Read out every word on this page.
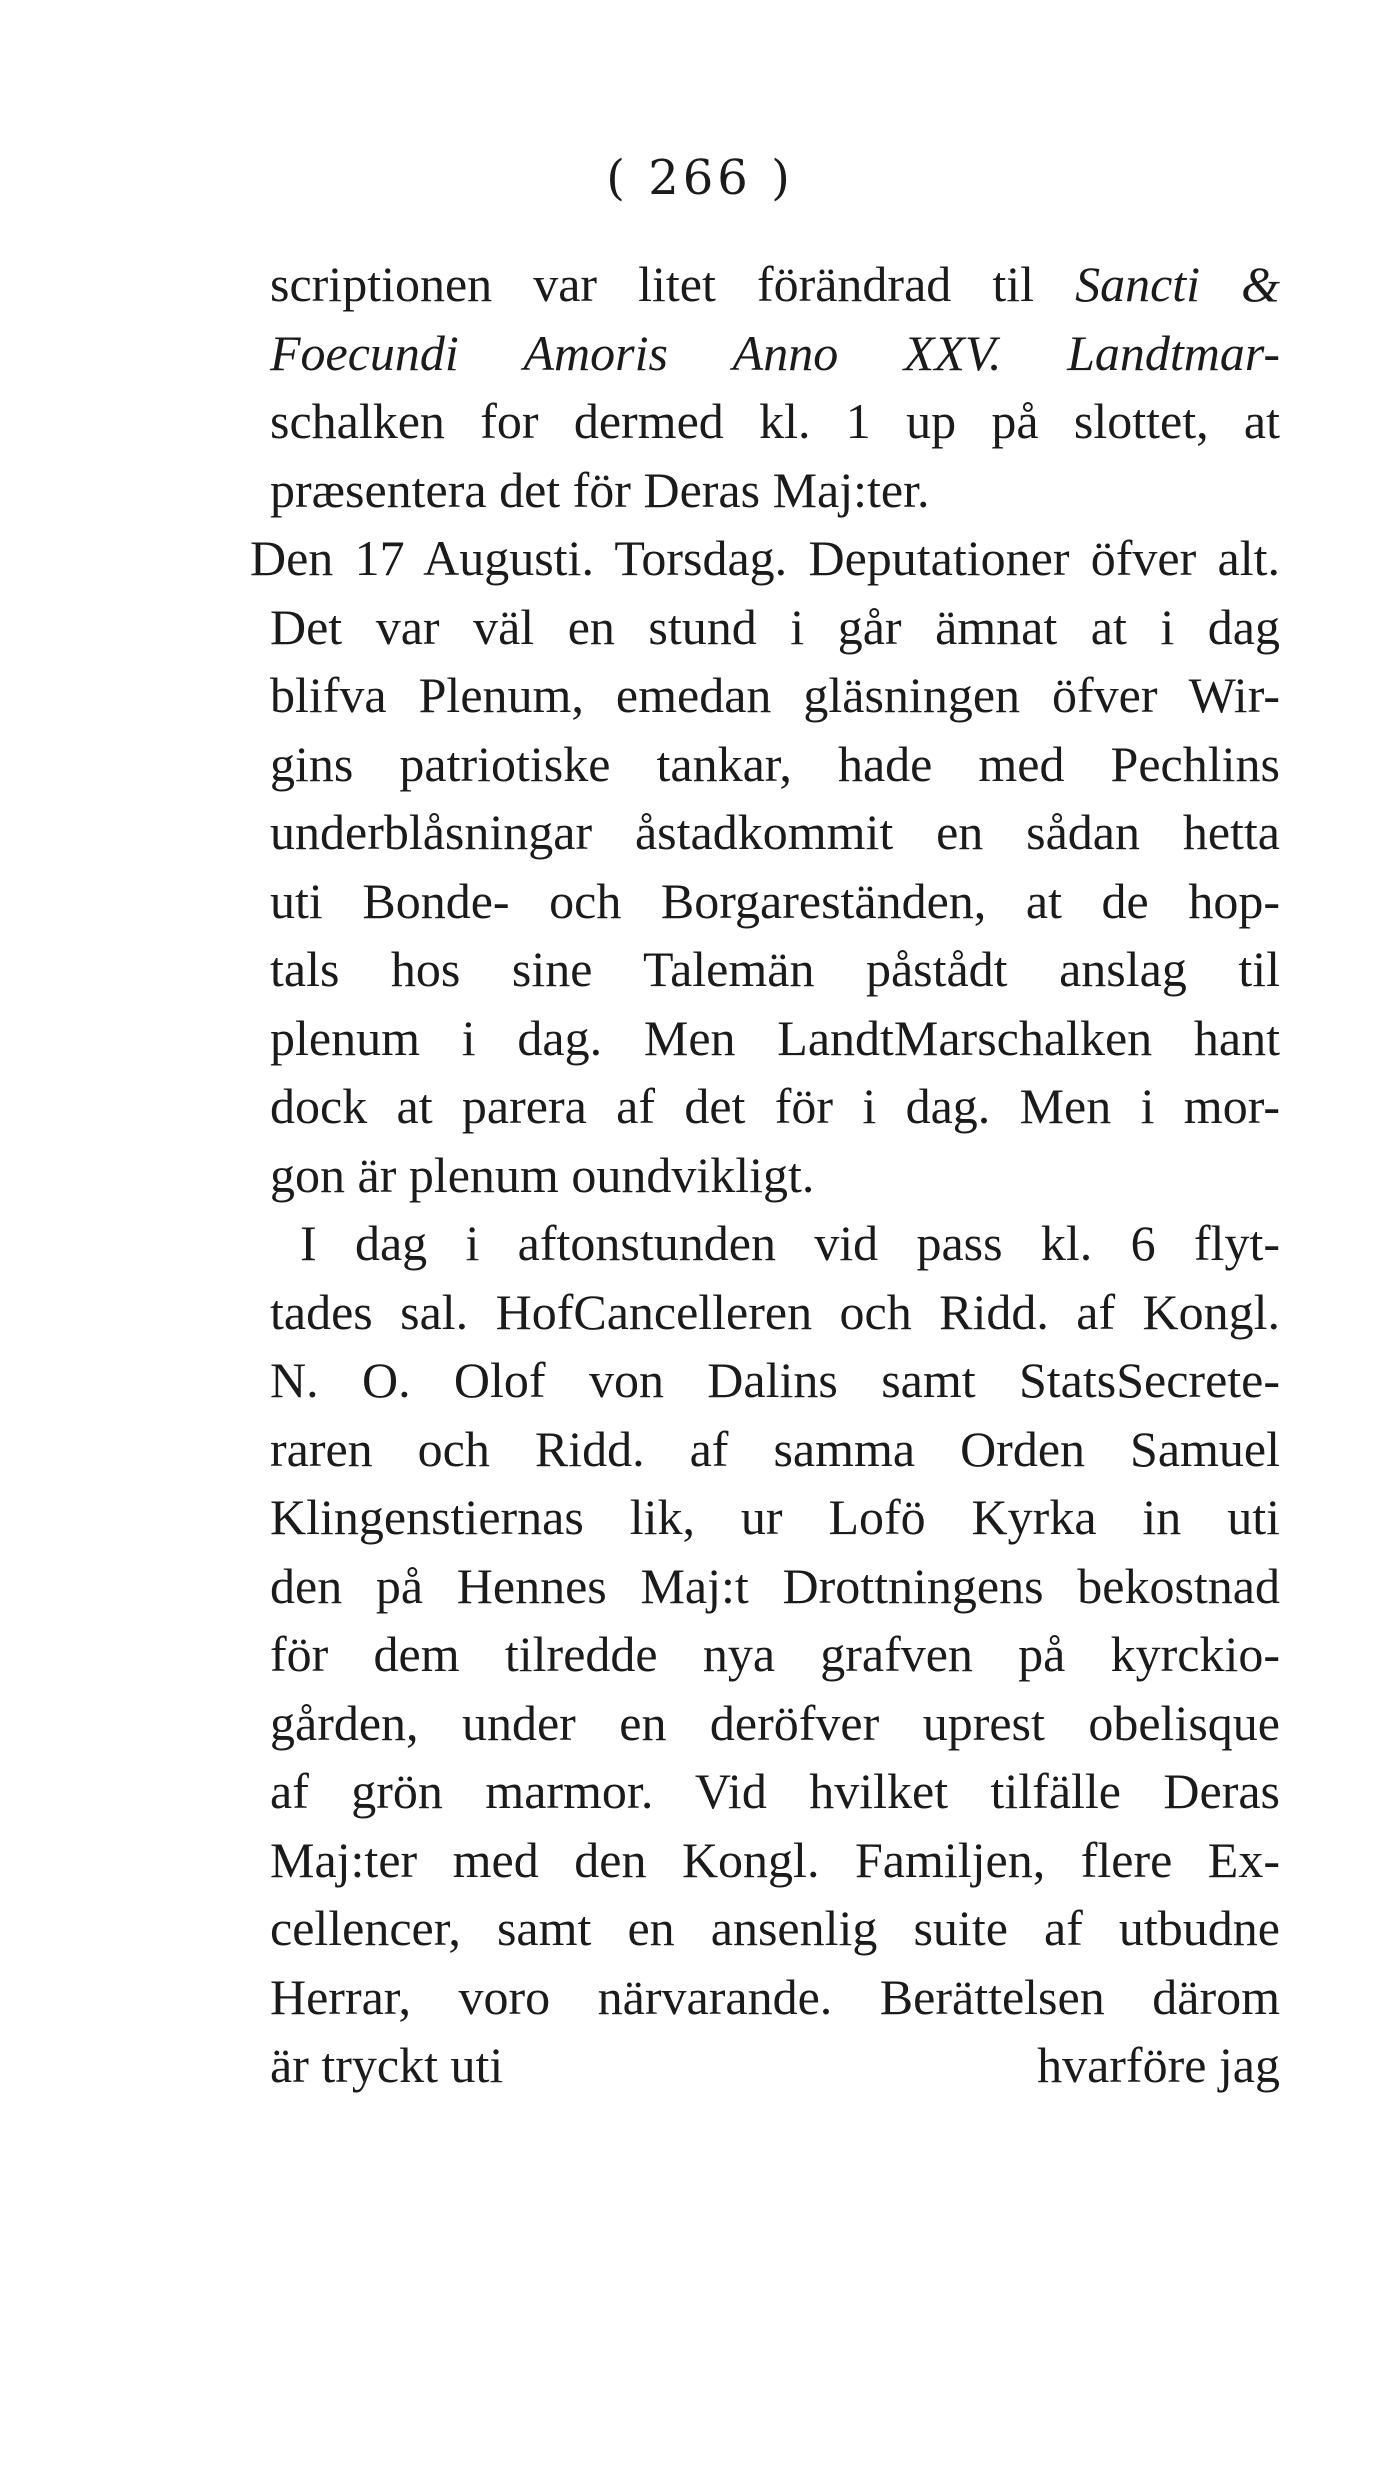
( 266 )
scriptionen var litet förändrad til Sancti &
Foecundi Amoris Anno XXV. Landtmar-
schalken for dermed kl. 1 up på slottet, at
præsentera det för Deras Maj:ter.
Den 17 Augusti. Torsdag. Deputationer öfver alt.
Det var väl en stund i går ämnat at i dag
blifva Plenum, emedan gläsningen öfver Wir-
gins patriotiske tankar, hade med Pechlins
underblåsningar åstadkommit en sådan hetta
uti Bonde- och Borgareständen, at de hop-
tals hos sine Talemän påstådt anslag til
plenum i dag. Men LandtMarschalken hant
dock at parera af det för i dag. Men i mor-
gon är plenum oundvikligt.
I dag i aftonstunden vid pass kl. 6 flyt-
tades sal. HofCancelleren och Ridd. af Kongl.
N. O. Olof von Dalins samt StatsSecrete-
raren och Ridd. af samma Orden Samuel
Klingenstiernas lik, ur Lofö Kyrka in uti
den på Hennes Maj:t Drottningens bekostnad
för dem tilredde nya grafven på kyrckio-
gården, under en deröfver uprest obelisque
af grön marmor. Vid hvilket tilfälle Deras
Maj:ter med den Kongl. Familjen, flere Ex-
cellencer, samt en ansenlig suite af utbudne
Herrar, voro närvarande. Berättelsen därom
är tryckt uti	hvarföre jag
